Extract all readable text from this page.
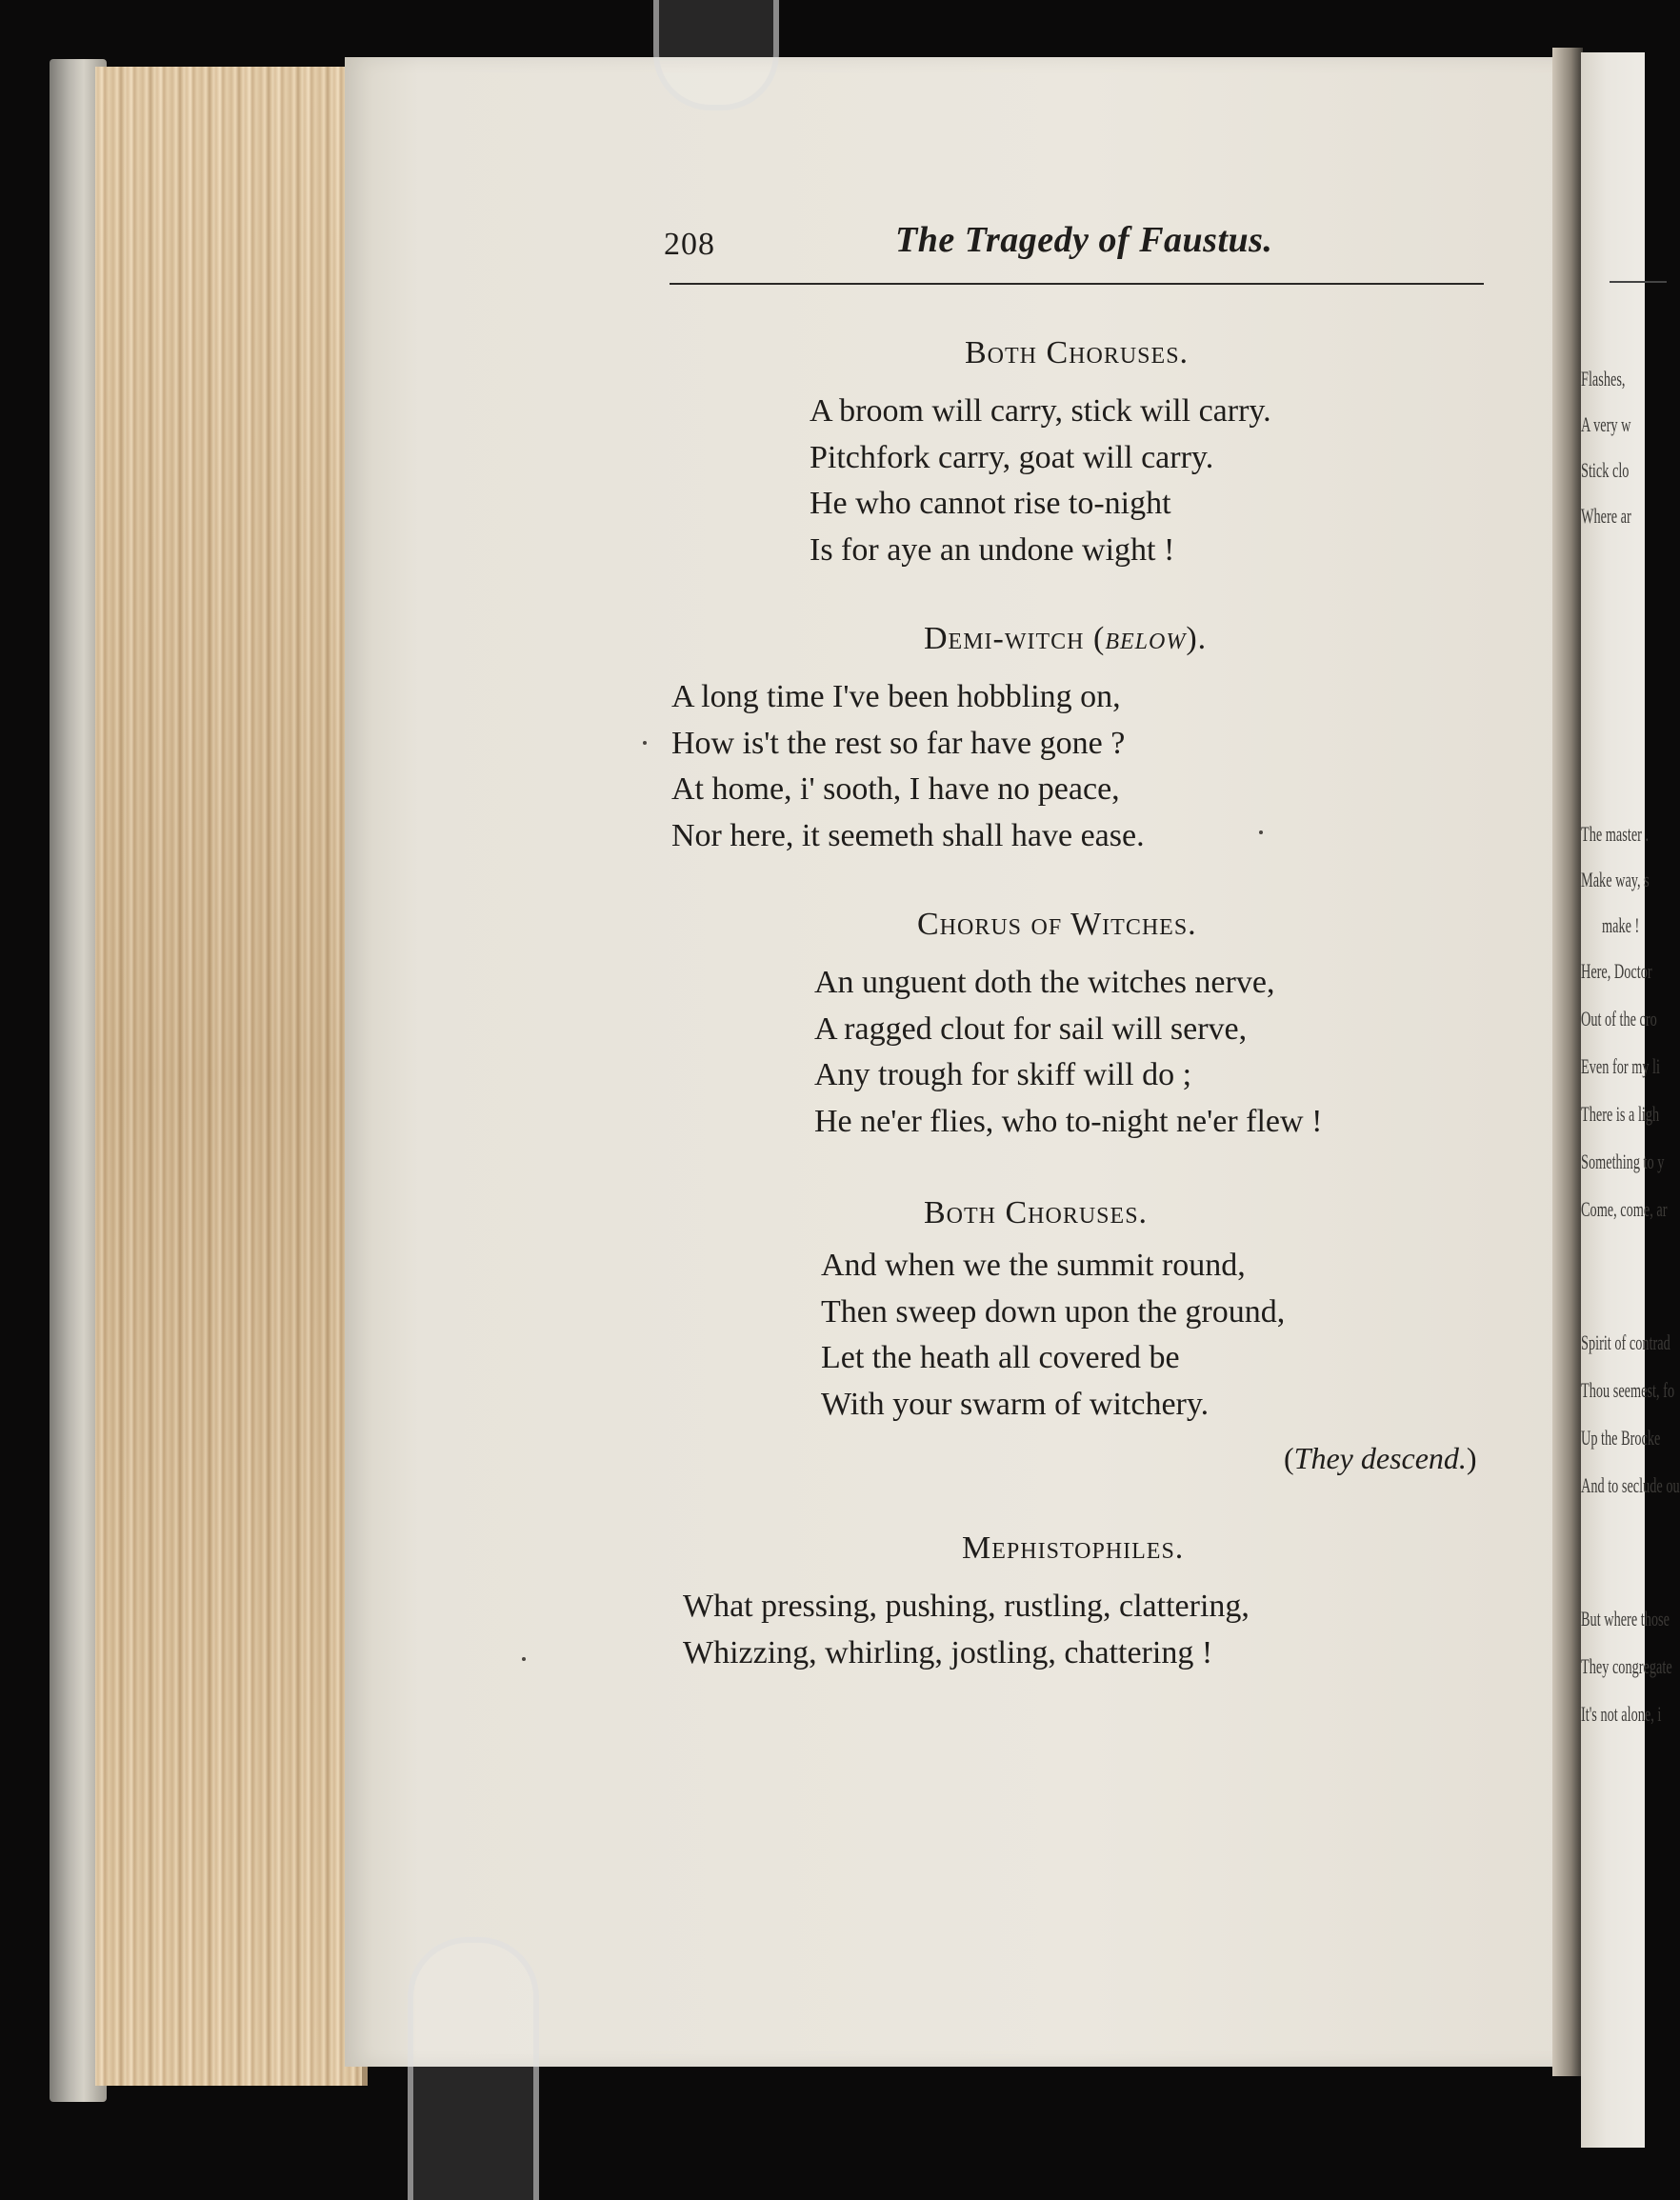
Flashes,
A very w
Stick clo
Where ar
The master .
Make way, s
make !
Here, Doctor
Out of the cro
Even for my li
There is a ligh
Something to y
Come, come, ar
Spirit of contrad
Thou seemest, fo
Up the Brocke
And to seclude ou
But where those
They congregate
It's not alone, i
208	The Tragedy of Faustus.
Both Choruses.
A broom will carry, stick will carry.
Pitchfork carry, goat will carry.
He who cannot rise to-night
Is for aye an undone wight !
Demi-witch (below).
A long time I've been hobbling on,
How is't the rest so far have gone ?
At home, i' sooth, I have no peace,
Nor here, it seemeth shall have ease.
Chorus of Witches.
An unguent doth the witches nerve,
A ragged clout for sail will serve,
Any trough for skiff will do ;
He ne'er flies, who to-night ne'er flew !
Both Choruses.
And when we the summit round,
Then sweep down upon the ground,
Let the heath all covered be
With your swarm of witchery.
(They descend.)
Mephistophiles.
What pressing, pushing, rustling, clattering,
Whizzing, whirling, jostling, chattering !
